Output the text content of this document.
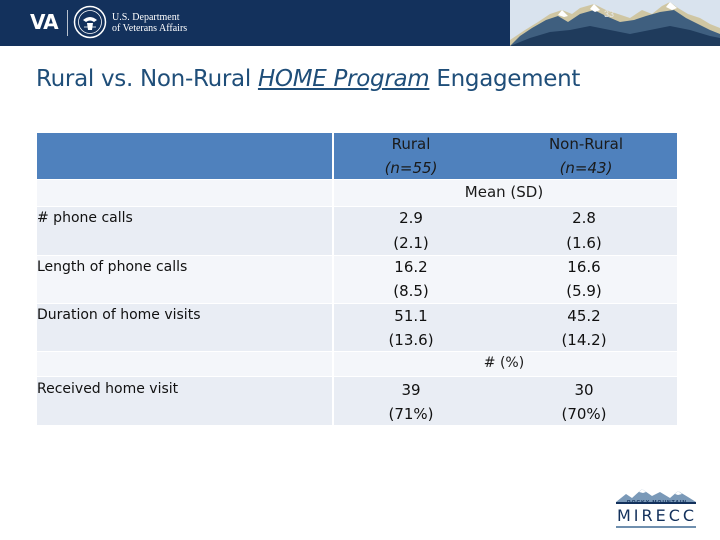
VA	U.S. Department
of Veterans Affairs
33
Rural vs. Non-Rural HOME Program Engagement
Rural
(n=55)
Non-Rural
(n=43)
Mean (SD)
# (%)
# phone calls
Length of phone calls
Duration of home visits
Received home visit
2.9
(2.1)
16.2
(8.5)
51.1
(13.6)
39
(71%)
2.8
(1.6)
16.6
(5.9)
45.2
(14.2)
30
(70%)
ROCKY MOUNTAIN
MIRECC
